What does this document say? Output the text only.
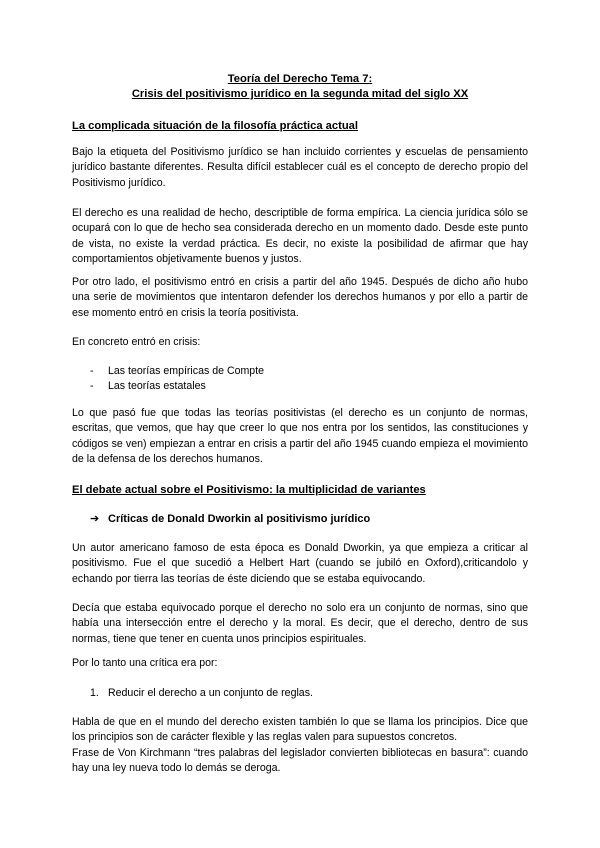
Teoría del Derecho Tema 7:
Crisis del positivismo jurídico en la segunda mitad del siglo XX
La complicada situación de la filosofía práctica actual
Bajo la etiqueta del Positivismo jurídico se han incluido corrientes y escuelas de pensamiento jurídico bastante diferentes. Resulta difícil establecer cuál es el concepto de derecho propio del Positivismo jurídico.
El derecho es una realidad de hecho, descriptible de forma empírica. La ciencia jurídica sólo se ocupará con lo que de hecho sea considerada derecho en un momento dado. Desde este punto de vista, no existe la verdad práctica. Es decir, no existe la posibilidad de afirmar que hay comportamientos objetivamente buenos y justos.
Por otro lado, el positivismo entró en crisis a partir del año 1945. Después de dicho año hubo una serie de movimientos que intentaron defender los derechos humanos y por ello a partir de ese momento entró en crisis la teoría positivista.
En concreto entró en crisis:
- Las teorías empíricas de Compte
- Las teorías estatales
Lo que pasó fue que todas las teorías positivistas (el derecho es un conjunto de normas, escritas, que vemos, que hay que creer lo que nos entra por los sentidos, las constituciones y códigos se ven) empiezan a entrar en crisis a partir del año 1945 cuando empieza el movimiento de la defensa de los derechos humanos.
El debate actual sobre el Positivismo: la multiplicidad de variantes
➔ Críticas de Donald Dworkin al positivismo jurídico
Un autor americano famoso de esta época es Donald Dworkin, ya que empieza a criticar al positivismo. Fue el que sucedió a Helbert Hart (cuando se jubiló en Oxford),criticandolo y echando por tierra las teorías de éste diciendo que se estaba equivocando.
Decía que estaba equivocado porque el derecho no solo era un conjunto de normas, sino que había una intersección entre el derecho y la moral. Es decir, que el derecho, dentro de sus normas, tiene que tener en cuenta unos principios espirituales.
Por lo tanto una crítica era por:
1. Reducir el derecho a un conjunto de reglas.
Habla de que en el mundo del derecho existen también lo que se llama los principios. Dice que los principios son de carácter flexible y las reglas valen para supuestos concretos.
Frase de Von Kirchmann “tres palabras del legislador convierten bibliotecas en basura”: cuando hay una ley nueva todo lo demás se deroga.
